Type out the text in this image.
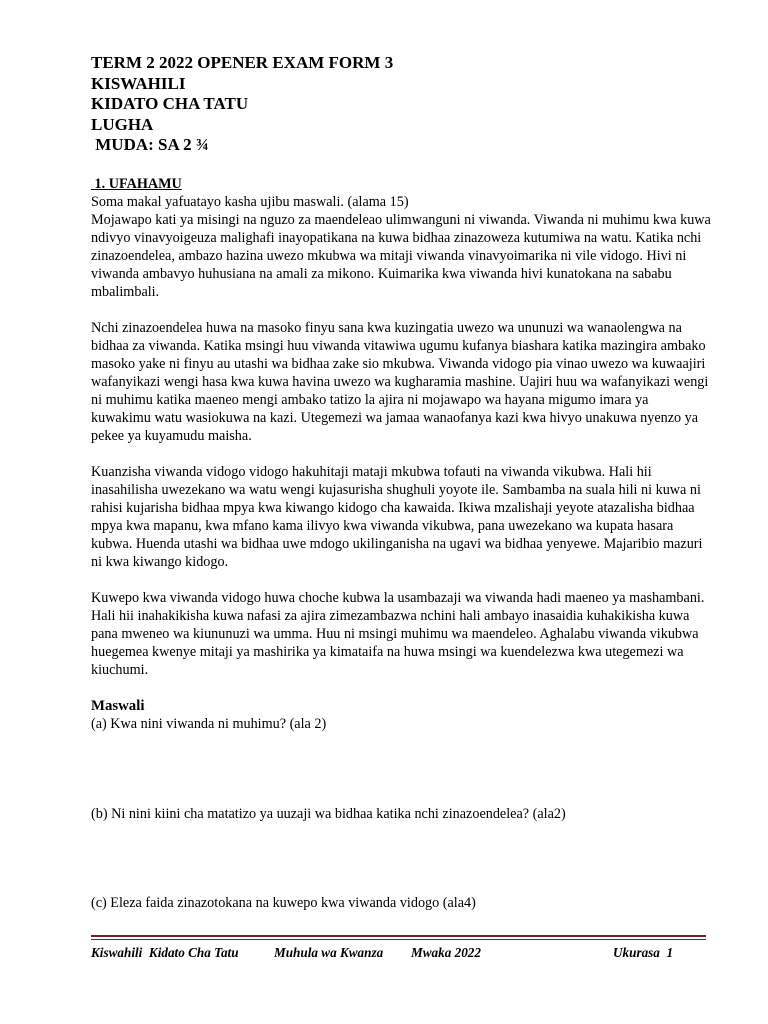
TERM 2 2022 OPENER EXAM FORM 3
KISWAHILI
KIDATO CHA TATU
LUGHA
MUDA: SA 2 ¾
1. UFAHAMU
Soma makal yafuatayo kasha ujibu maswali. (alama 15)

Mojawapo kati ya misingi na nguzo za maendeleao ulimwanguni ni viwanda. Viwanda ni muhimu kwa kuwa ndivyo vinavyoigeuza malighafi inayopatikana na kuwa bidhaa zinazoweza kutumiwa na watu. Katika nchi zinazoendelea, ambazo hazina uwezo mkubwa wa mitaji viwanda vinavyoimarika ni vile vidogo. Hivi ni viwanda ambavyo huhusiana na amali za mikono. Kuimarika kwa viwanda hivi kunatokana na sababu mbalimbali.

Nchi zinazoendelea huwa na masoko finyu sana kwa kuzingatia uwezo wa ununuzi wa wanaolengwa na bidhaa za viwanda. Katika msingi huu viwanda vitawiwa ugumu kufanya biashara katika mazingira ambako masoko yake ni finyu au utashi wa bidhaa zake sio mkubwa. Viwanda vidogo pia vinao uwezo wa kuwaajiri wafanyikazi wengi hasa kwa kuwa havina uwezo wa kugharamia mashine. Uajiri huu wa wafanyikazi wengi ni muhimu katika maeneo mengi ambako tatizo la ajira ni mojawapo wa hayana migumo imara ya kuwakimu watu wasiokuwa na kazi. Utegemezi wa jamaa wanaofanya kazi kwa hivyo unakuwa nyenzo ya pekee ya kuyamudu maisha.

Kuanzisha viwanda vidogo vidogo hakuhitaji mataji mkubwa tofauti na viwanda vikubwa. Hali hii inasahilisha uwezekano wa watu wengi kujasurisha shughuli yoyote ile. Sambamba na suala hili ni kuwa ni rahisi kujarisha bidhaa mpya kwa kiwango kidogo cha kawaida. Ikiwa mzalishaji yeyote atazalisha bidhaa mpya kwa mapanu, kwa mfano kama ilivyo kwa viwanda vikubwa, pana uwezekano wa kupata hasara kubwa. Huenda utashi wa bidhaa uwe mdogo ukilinganisha na ugavi wa bidhaa yenyewe. Majaribio mazuri ni kwa kiwango kidogo.

Kuwepo kwa viwanda vidogo huwa choche kubwa la usambazaji wa viwanda hadi maeneo ya mashambani. Hali hii inahakikisha kuwa nafasi za ajira zimezambazwa nchini hali ambayo inasaidia kuhakikisha kuwa pana mweneo wa kiununuzi wa umma. Huu ni msingi muhimu wa maendeleo. Aghalabu viwanda vikubwa huegemea kwenye mitaji ya mashirika ya kimataifa na huwa msingi wa kuendelezwa kwa utegemezi wa kiuchumi.

Maswali

(a) Kwa nini viwanda ni muhimu? (ala 2)

(b) Ni nini kiini cha matatizo ya uuzaji wa bidhaa katika nchi zinazoendelea? (ala2)

(c) Eleza faida zinazotokana na kuwepo kwa viwanda vidogo (ala4)

Kiswahili  Kidato Cha Tatu	Muhula wa Kwanza Mwaka 2022	Ukurasa  1
